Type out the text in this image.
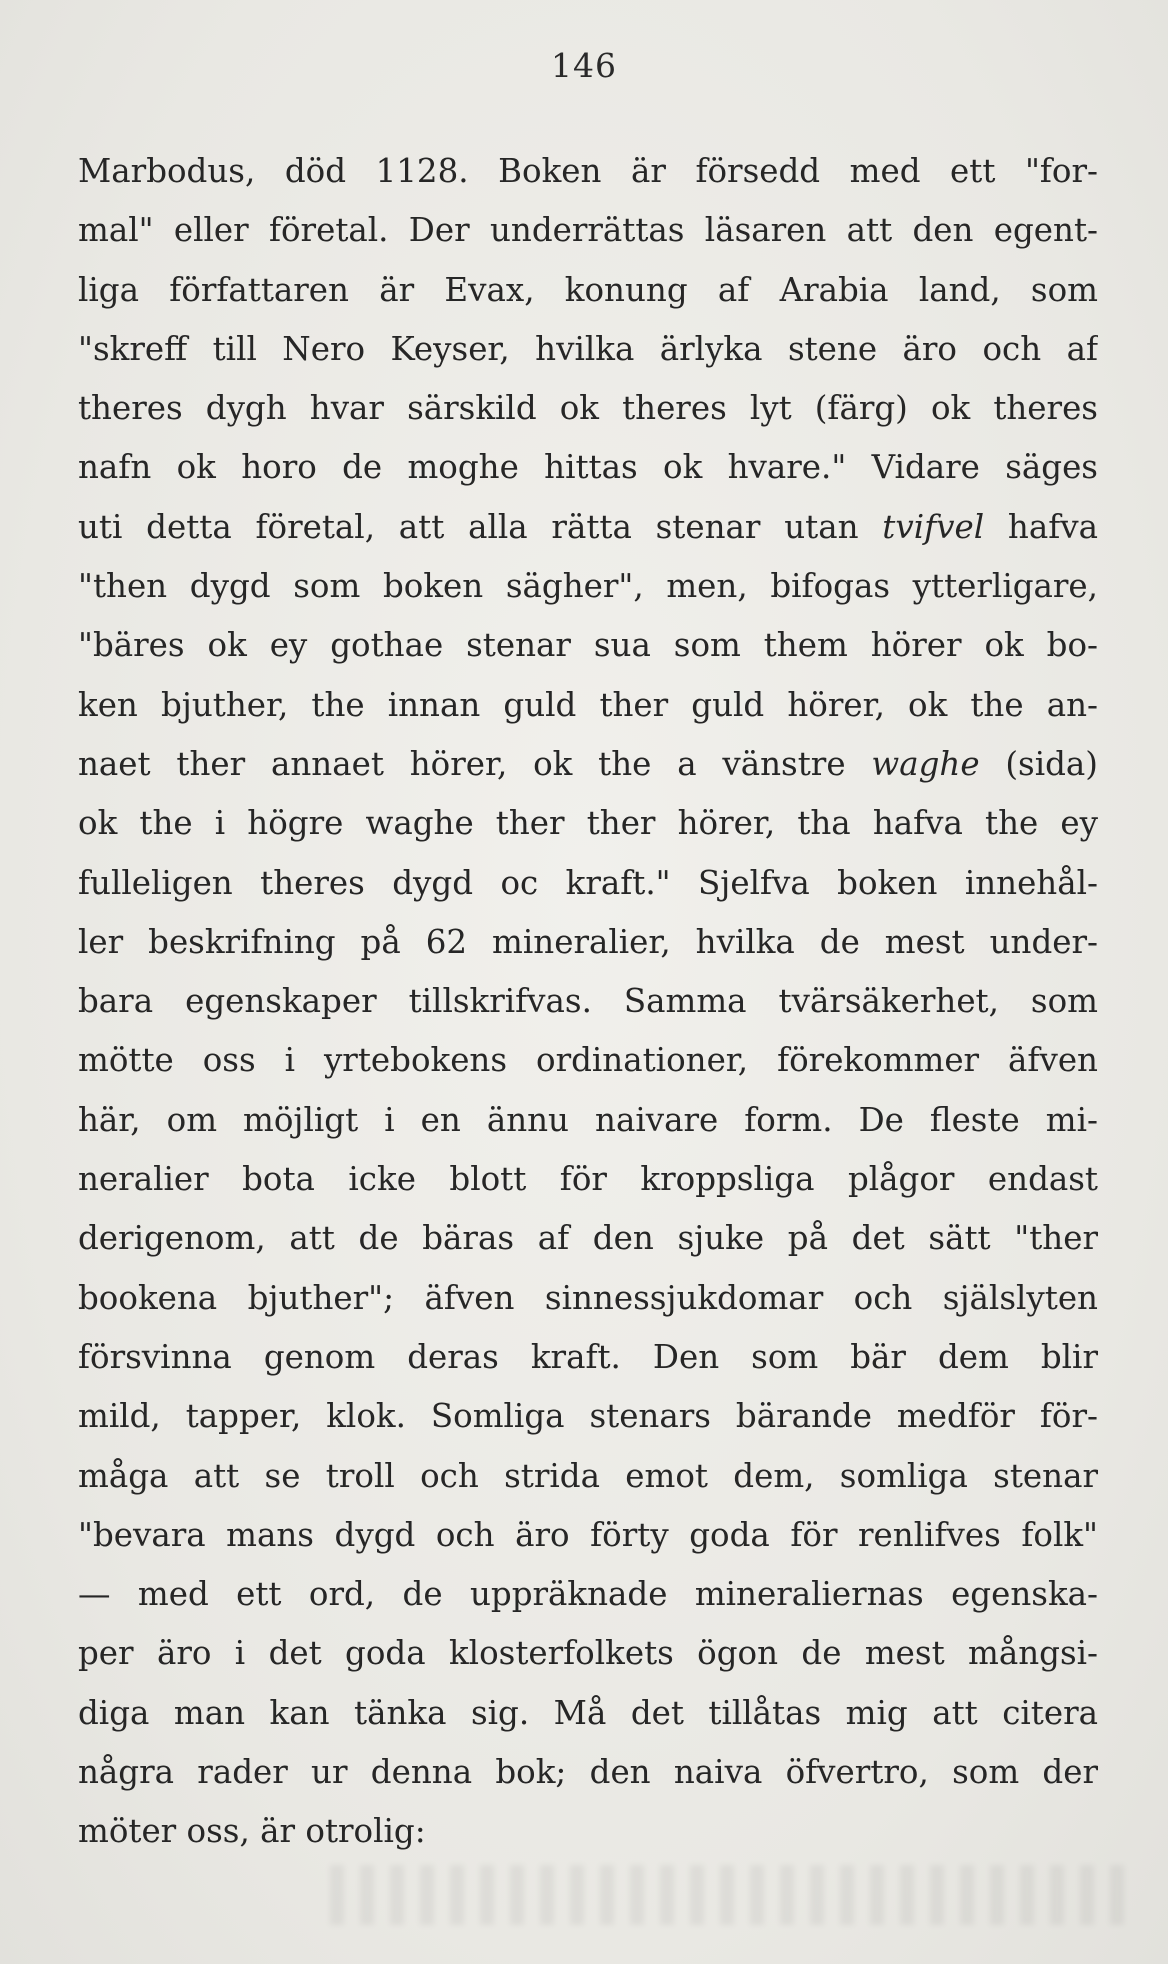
146
Marbodus, död 1128. Boken är försedd med ett "for-
mal" eller företal. Der underrättas läsaren att den egent-
liga författaren är Evax, konung af Arabia land, som
"skreff till Nero Keyser, hvilka ärlyka stene äro och af
theres dygh hvar särskild ok theres lyt (färg) ok theres
nafn ok horo de moghe hittas ok hvare." Vidare säges
uti detta företal, att alla rätta stenar utan tvifvel hafva
"then dygd som boken sägher", men, bifogas ytterligare,
"bäres ok ey gothae stenar sua som them hörer ok bo-
ken bjuther, the innan guld ther guld hörer, ok the an-
naet ther annaet hörer, ok the a vänstre waghe (sida)
ok the i högre waghe ther ther hörer, tha hafva the ey
fulleligen theres dygd oc kraft." Sjelfva boken innehål-
ler beskrifning på 62 mineralier, hvilka de mest under-
bara egenskaper tillskrifvas. Samma tvärsäkerhet, som
mötte oss i yrtebokens ordinationer, förekommer äfven
här, om möjligt i en ännu naivare form. De fleste mi-
neralier bota icke blott för kroppsliga plågor endast
derigenom, att de bäras af den sjuke på det sätt "ther
bookena bjuther"; äfven sinnessjukdomar och själslyten
försvinna genom deras kraft. Den som bär dem blir
mild, tapper, klok. Somliga stenars bärande medför för-
måga att se troll och strida emot dem, somliga stenar
"bevara mans dygd och äro förty goda för renlifves folk"
— med ett ord, de uppräknade mineraliernas egenska-
per äro i det goda klosterfolkets ögon de mest mångsi-
diga man kan tänka sig. Må det tillåtas mig att citera
några rader ur denna bok; den naiva öfvertro, som der
möter oss, är otrolig:
